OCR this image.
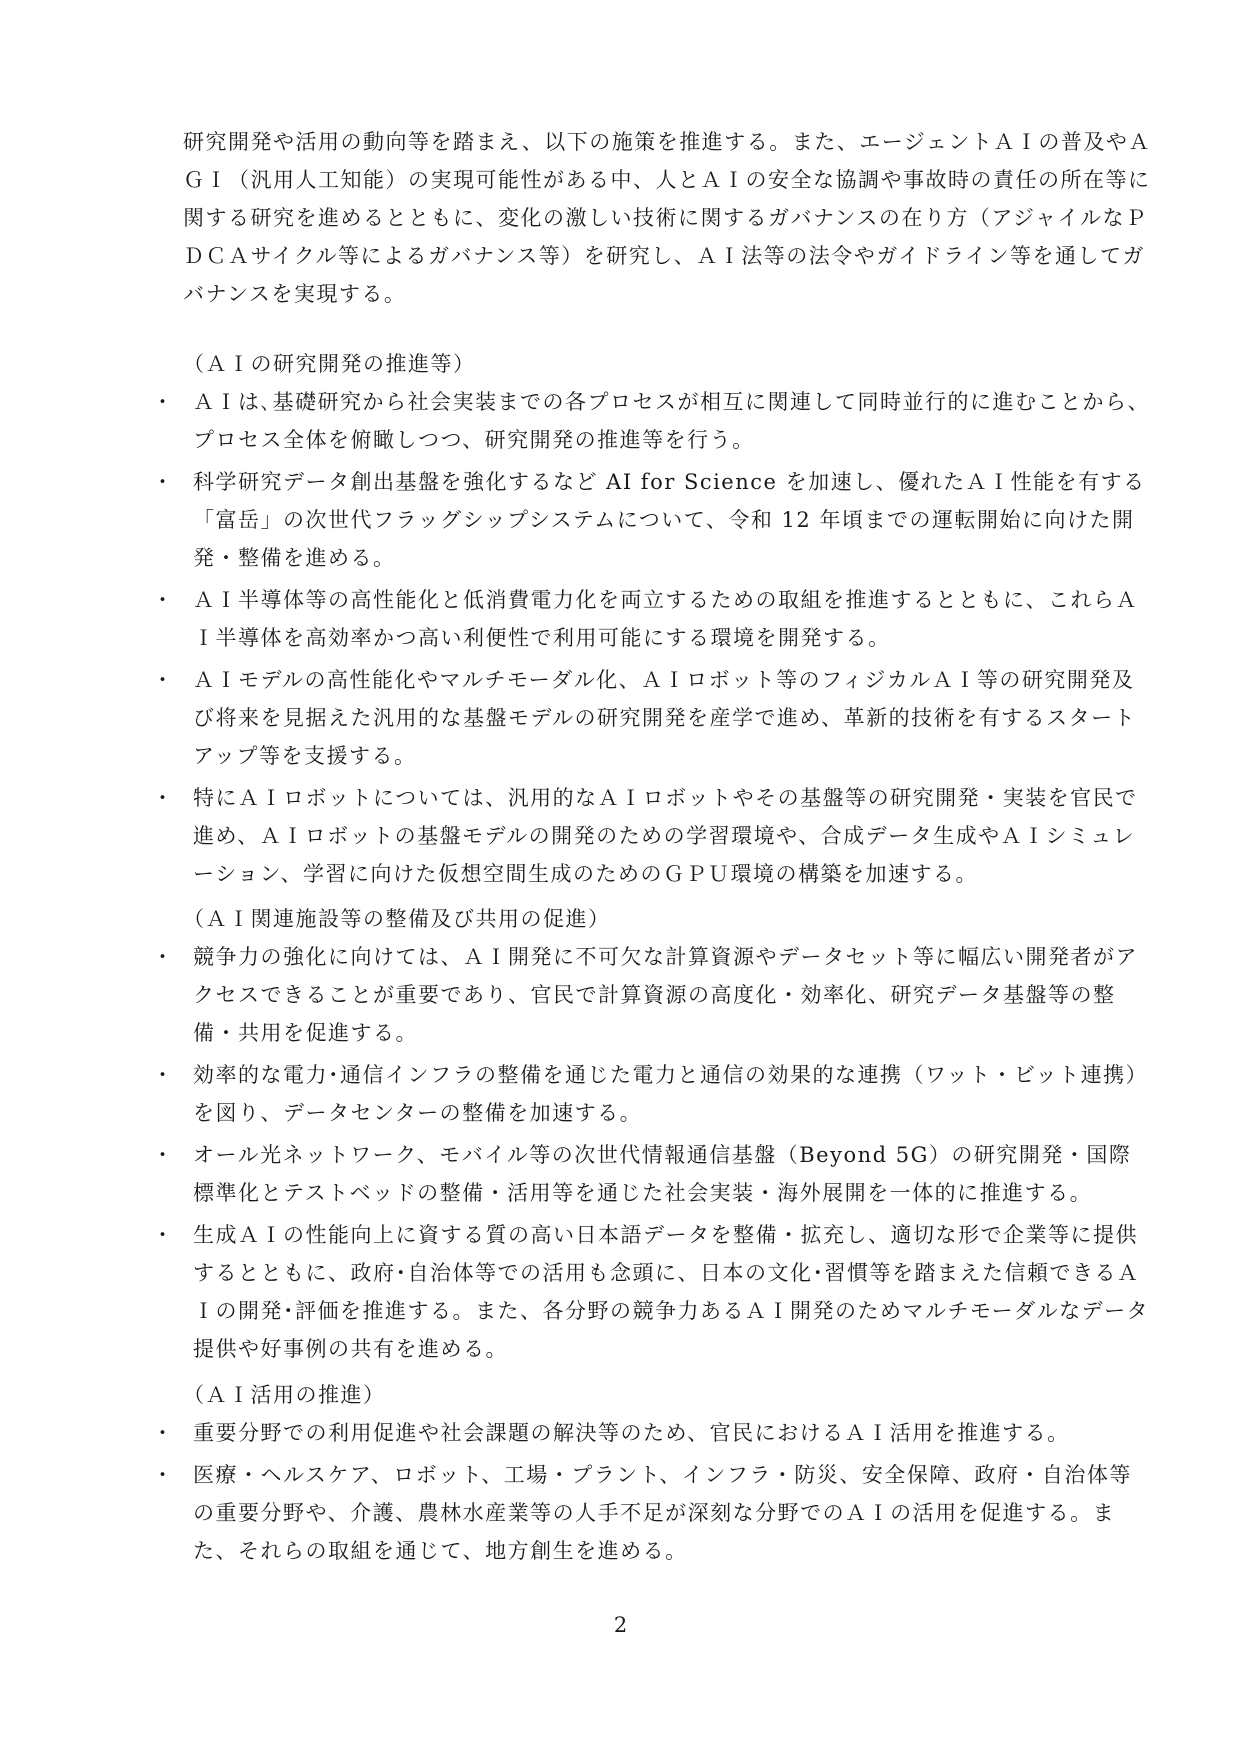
研究開発や活用の動向等を踏まえ、以下の施策を推進する。また、エージェントＡＩの普及やＡＧＩ（汎用人工知能）の実現可能性がある中、人とＡＩの安全な協調や事故時の責任の所在等に関する研究を進めるとともに、変化の激しい技術に関するガバナンスの在り方（アジャイルなＰＤＣＡサイクル等によるガバナンス等）を研究し、ＡＩ法等の法令やガイドライン等を通してガバナンスを実現する。

（ＡＩの研究開発の推進等）

・ ＡＩは､基礎研究から社会実装までの各プロセスが相互に関連して同時並行的に進むことから、プロセス全体を俯瞰しつつ、研究開発の推進等を行う。
・ 科学研究データ創出基盤を強化するなど AI for Science を加速し、優れたＡＩ性能を有する「富岳」の次世代フラッグシップシステムについて、令和 12 年頃までの運転開始に向けた開発・整備を進める。
・ ＡＩ半導体等の高性能化と低消費電力化を両立するための取組を推進するとともに、これらＡＩ半導体を高効率かつ高い利便性で利用可能にする環境を開発する。
・ ＡＩモデルの高性能化やマルチモーダル化、ＡＩロボット等のフィジカルＡＩ等の研究開発及び将来を見据えた汎用的な基盤モデルの研究開発を産学で進め、革新的技術を有するスタートアップ等を支援する。
・ 特にＡＩロボットについては、汎用的なＡＩロボットやその基盤等の研究開発・実装を官民で進め、ＡＩロボットの基盤モデルの開発のための学習環境や、合成データ生成やＡＩシミュレーション、学習に向けた仮想空間生成のためのＧＰＵ環境の構築を加速する。

（ＡＩ関連施設等の整備及び共用の促進）

・ 競争力の強化に向けては、ＡＩ開発に不可欠な計算資源やデータセット等に幅広い開発者がアクセスできることが重要であり、官民で計算資源の高度化・効率化、研究データ基盤等の整備・共用を促進する。
・ 効率的な電力･通信インフラの整備を通じた電力と通信の効果的な連携（ワット・ビット連携）を図り、データセンターの整備を加速する。
・ オール光ネットワーク、モバイル等の次世代情報通信基盤（Beyond 5G）の研究開発・国際標準化とテストベッドの整備・活用等を通じた社会実装・海外展開を一体的に推進する。
・ 生成ＡＩの性能向上に資する質の高い日本語データを整備・拡充し、適切な形で企業等に提供するとともに、政府･自治体等での活用も念頭に、日本の文化･習慣等を踏まえた信頼できるＡＩの開発･評価を推進する。また、各分野の競争力あるＡＩ開発のためマルチモーダルなデータ提供や好事例の共有を進める。

（ＡＩ活用の推進）

・ 重要分野での利用促進や社会課題の解決等のため、官民におけるＡＩ活用を推進する。
・ 医療・ヘルスケア、ロボット、工場・プラント、インフラ・防災、安全保障、政府・自治体等の重要分野や、介護、農林水産業等の人手不足が深刻な分野でのＡＩの活用を促進する。また、それらの取組を通じて、地方創生を進める。
2
